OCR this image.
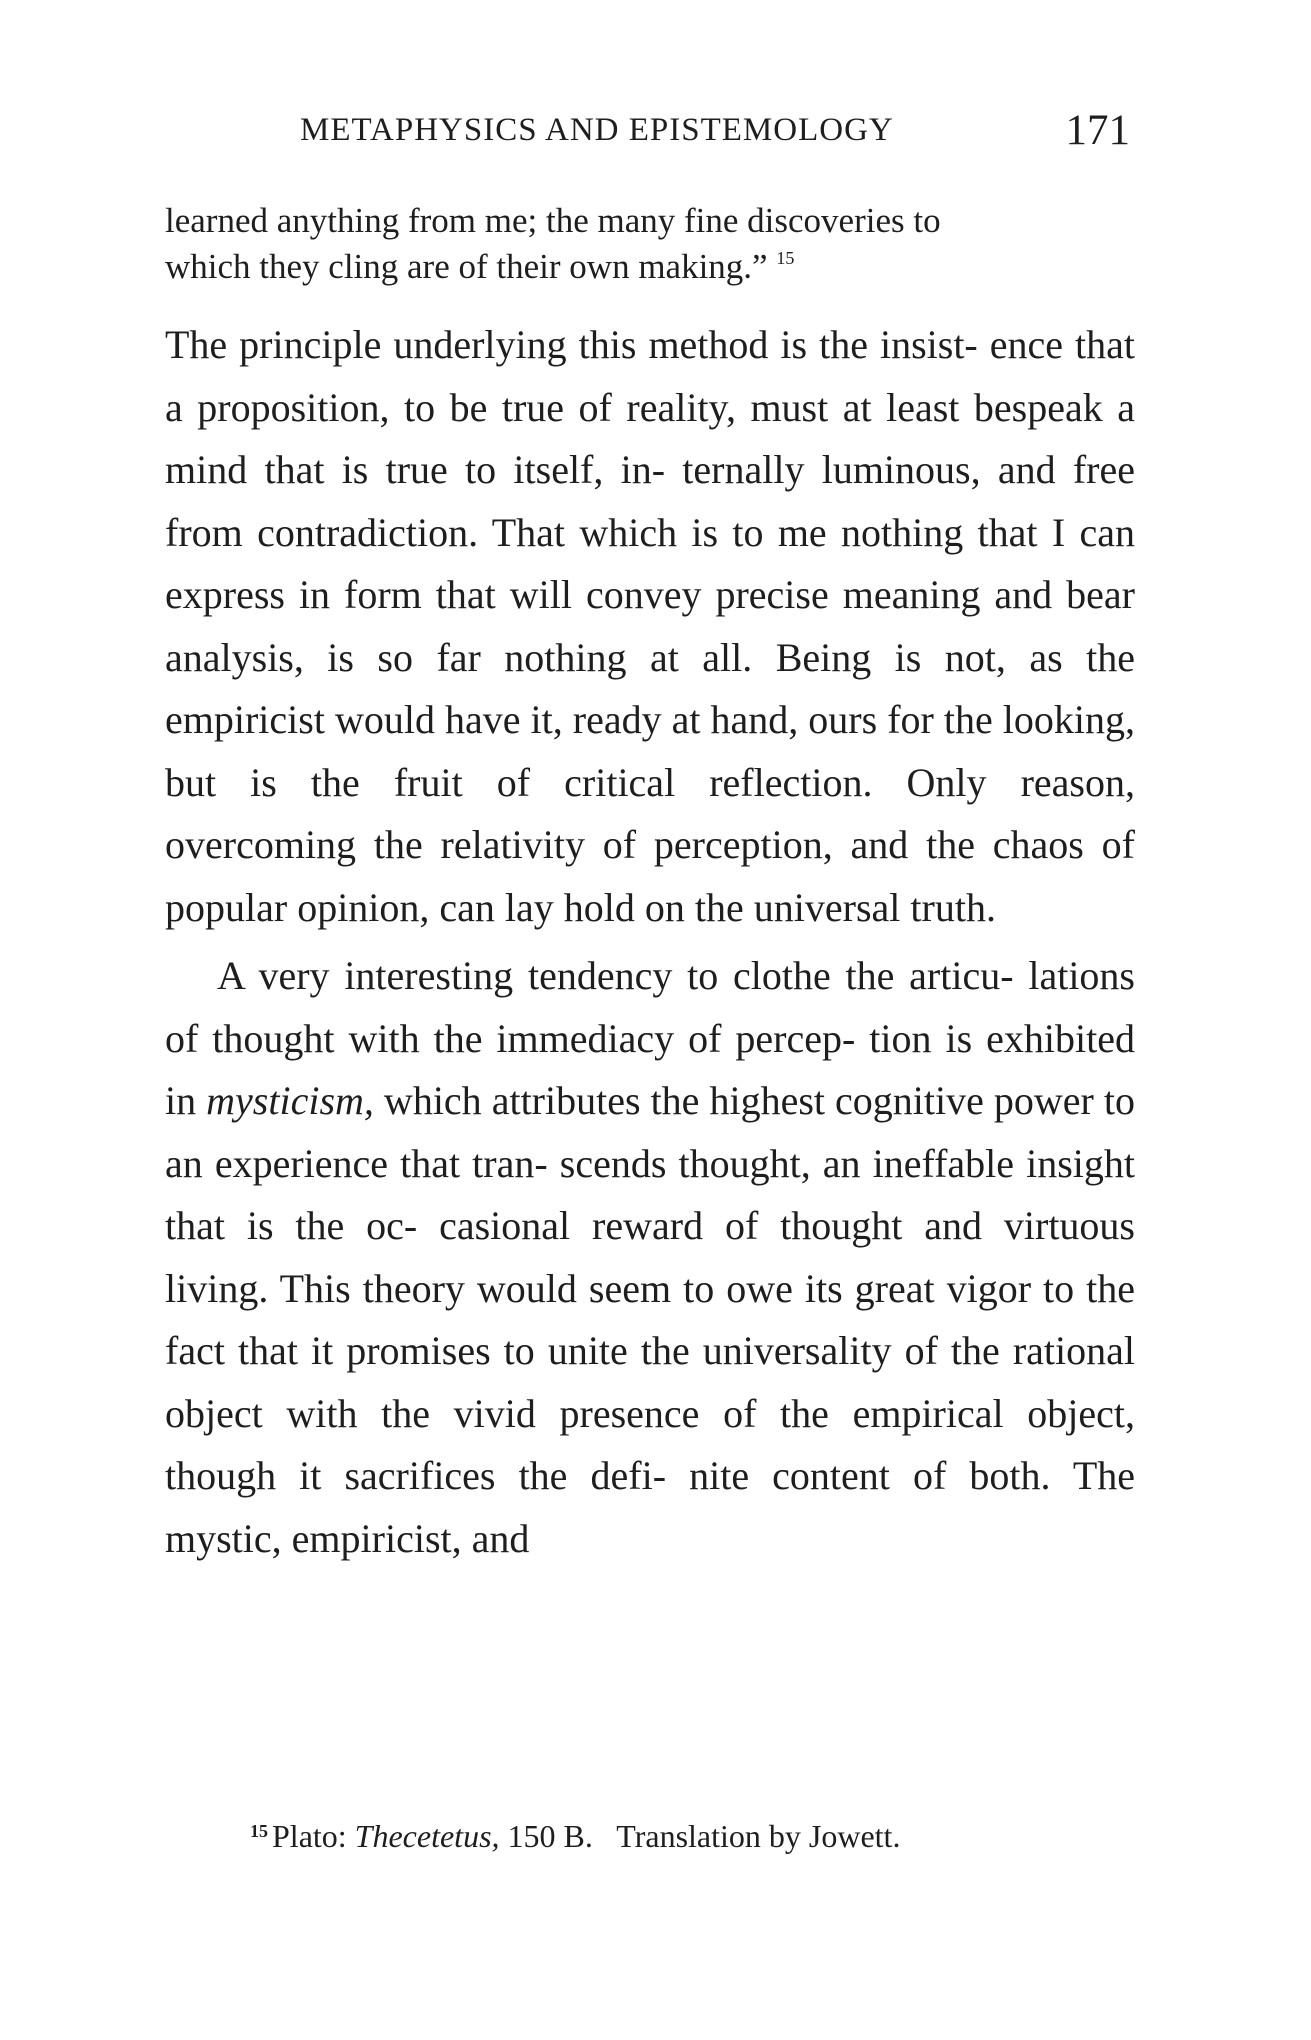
METAPHYSICS AND EPISTEMOLOGY	171

learned anything from me; the many fine discoveries to
which they cling are of their own making.” $^{15}$

The principle underlying this method is the insist- ence that a proposition, to be true of reality, must at least bespeak a mind that is true to itself, in- ternally luminous, and free from contradiction. That which is to me nothing that I can express in form that will convey precise meaning and bear analysis, is so far nothing at all. Being is not, as the empiricist would have it, ready at hand, ours for the looking, but is the fruit of critical reflection. Only reason, overcoming the relativity of perception, and the chaos of popular opinion, can lay hold on the universal truth.

A very interesting tendency to clothe the articu- lations of thought with the immediacy of percep- tion is exhibited in mysticism, which attributes the highest cognitive power to an experience that tran- scends thought, an ineffable insight that is the oc- casional reward of thought and virtuous living. This theory would seem to owe its great vigor to the fact that it promises to unite the universality of the rational object with the vivid presence of the empirical object, though it sacrifices the defi- nite content of both. The mystic, empiricist, and

$^{15}$ Plato: Thecetetus, 150 B.   Translation by Jowett.
